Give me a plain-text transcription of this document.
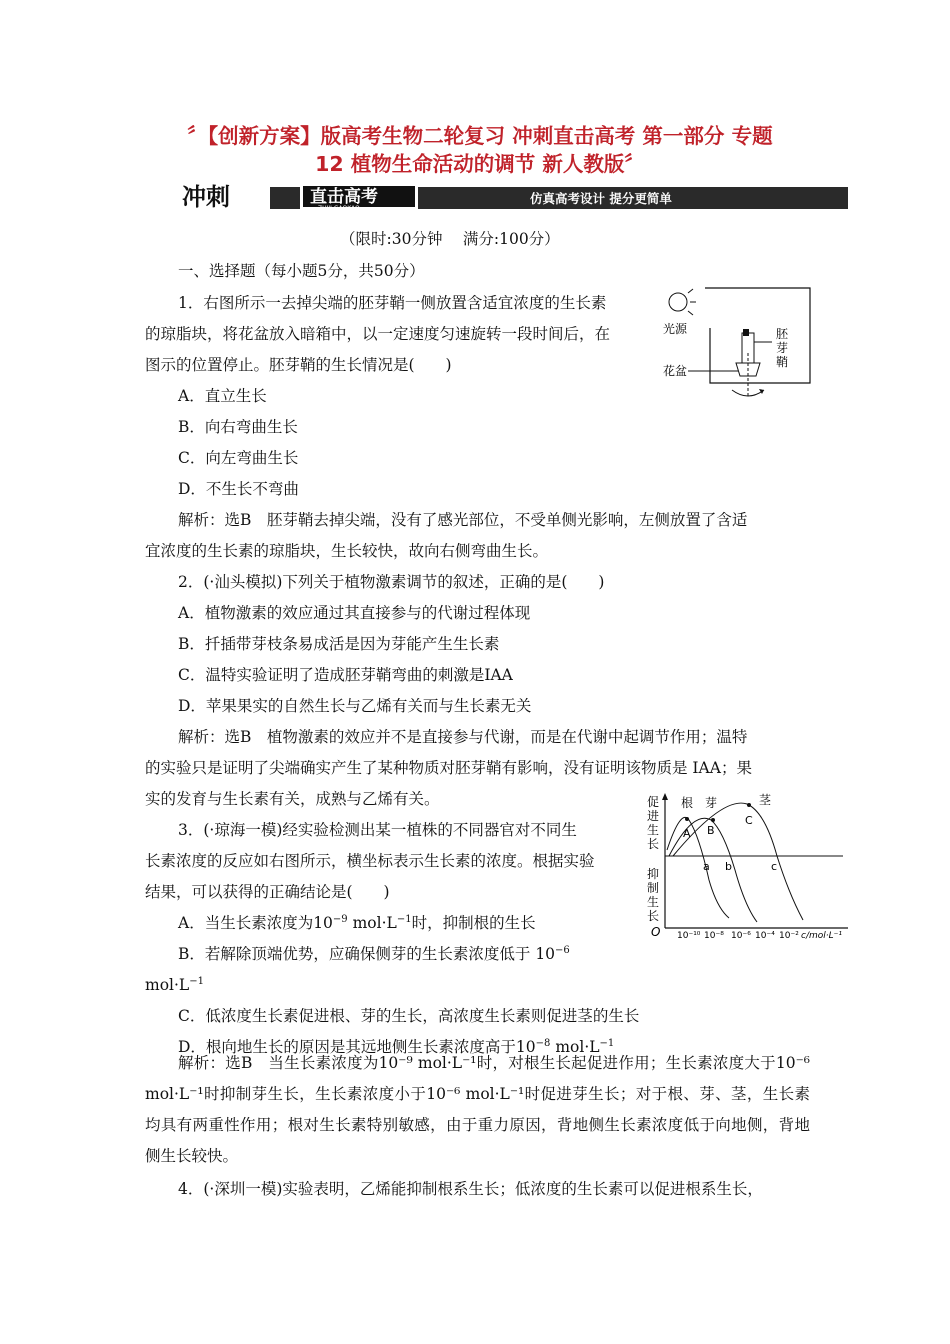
〞【创新方案】版高考生物二轮复习 冲刺直击高考 第一部分 专题
12 植物生命活动的调节 新人教版〞
冲刺	直击高考
ZHIJI GAOKAO
仿真高考设计 提分更简单
（限时:30分钟　 满分:100分）
一、选择题（每小题5分，共50分）
1．右图所示一去掉尖端的胚芽鞘一侧放置含适宜浓度的生长素
的琼脂块，将花盆放入暗箱中，以一定速度匀速旋转一段时间后，在
图示的位置停止。胚芽鞘的生长情况是(　　)
A．直立生长
B．向右弯曲生长
C．向左弯曲生长
D．不生长不弯曲
解析：选B　胚芽鞘去掉尖端，没有了感光部位，不受单侧光影响，左侧放置了含适
宜浓度的生长素的琼脂块，生长较快，故向右侧弯曲生长。
光源	胚
芽
鞘
花盆
2．(·汕头模拟)下列关于植物激素调节的叙述，正确的是(　　)
A．植物激素的效应通过其直接参与的代谢过程体现
B．扦插带芽枝条易成活是因为芽能产生生长素
C．温特实验证明了造成胚芽鞘弯曲的刺激是IAA
D．苹果果实的自然生长与乙烯有关而与生长素无关
解析：选B　植物激素的效应并不是直接参与代谢，而是在代谢中起调节作用；温特
的实验只是证明了尖端确实产生了某种物质对胚芽鞘有影响，没有证明该物质是 IAA；果
实的发育与生长素有关，成熟与乙烯有关。
3．(·琼海一模)经实验检测出某一植株的不同器官对不同生
长素浓度的反应如右图所示，横坐标表示生长素的浓度。根据实验
结果，可以获得的正确结论是(　　)
A．当生长素浓度为$10^{-9}$ $mol\cdot L^{-1}$时，抑制根的生长
B．若解除顶端优势，应确保侧芽的生长素浓度低于 $10^{-6}$
$mol\cdot L^{-1}$
C．低浓度生长素促进根、芽的生长，高浓度生长素则促进茎的生长
D．根向地生长的原因是其远地侧生长素浓度高于$10^{-8}$ $mol\cdot L^{-1}$
解析：选B　当生长素浓度为10⁻⁹ mol·L⁻¹时，对根生长起促进作用；生长素浓度大于10⁻⁶ mol·L⁻¹时抑制芽生长，生长素浓度小于10⁻⁶ mol·L⁻¹时促进芽生长；对于根、芽、茎，生长素均具有两重性作用；根对生长素特别敏感，由于重力原因，背地侧生长素浓度低于向地侧，背地侧生长较快。
促
进
生
长
抑
制
生
长
O
根 芽	茎
A B
C
a b	c
10⁻¹⁰ 10⁻⁸ 10⁻⁶ 10⁻⁴ 10⁻² c/mol·L⁻¹
4．(·深圳一模)实验表明，乙烯能抑制根系生长；低浓度的生长素可以促进根系生长，
